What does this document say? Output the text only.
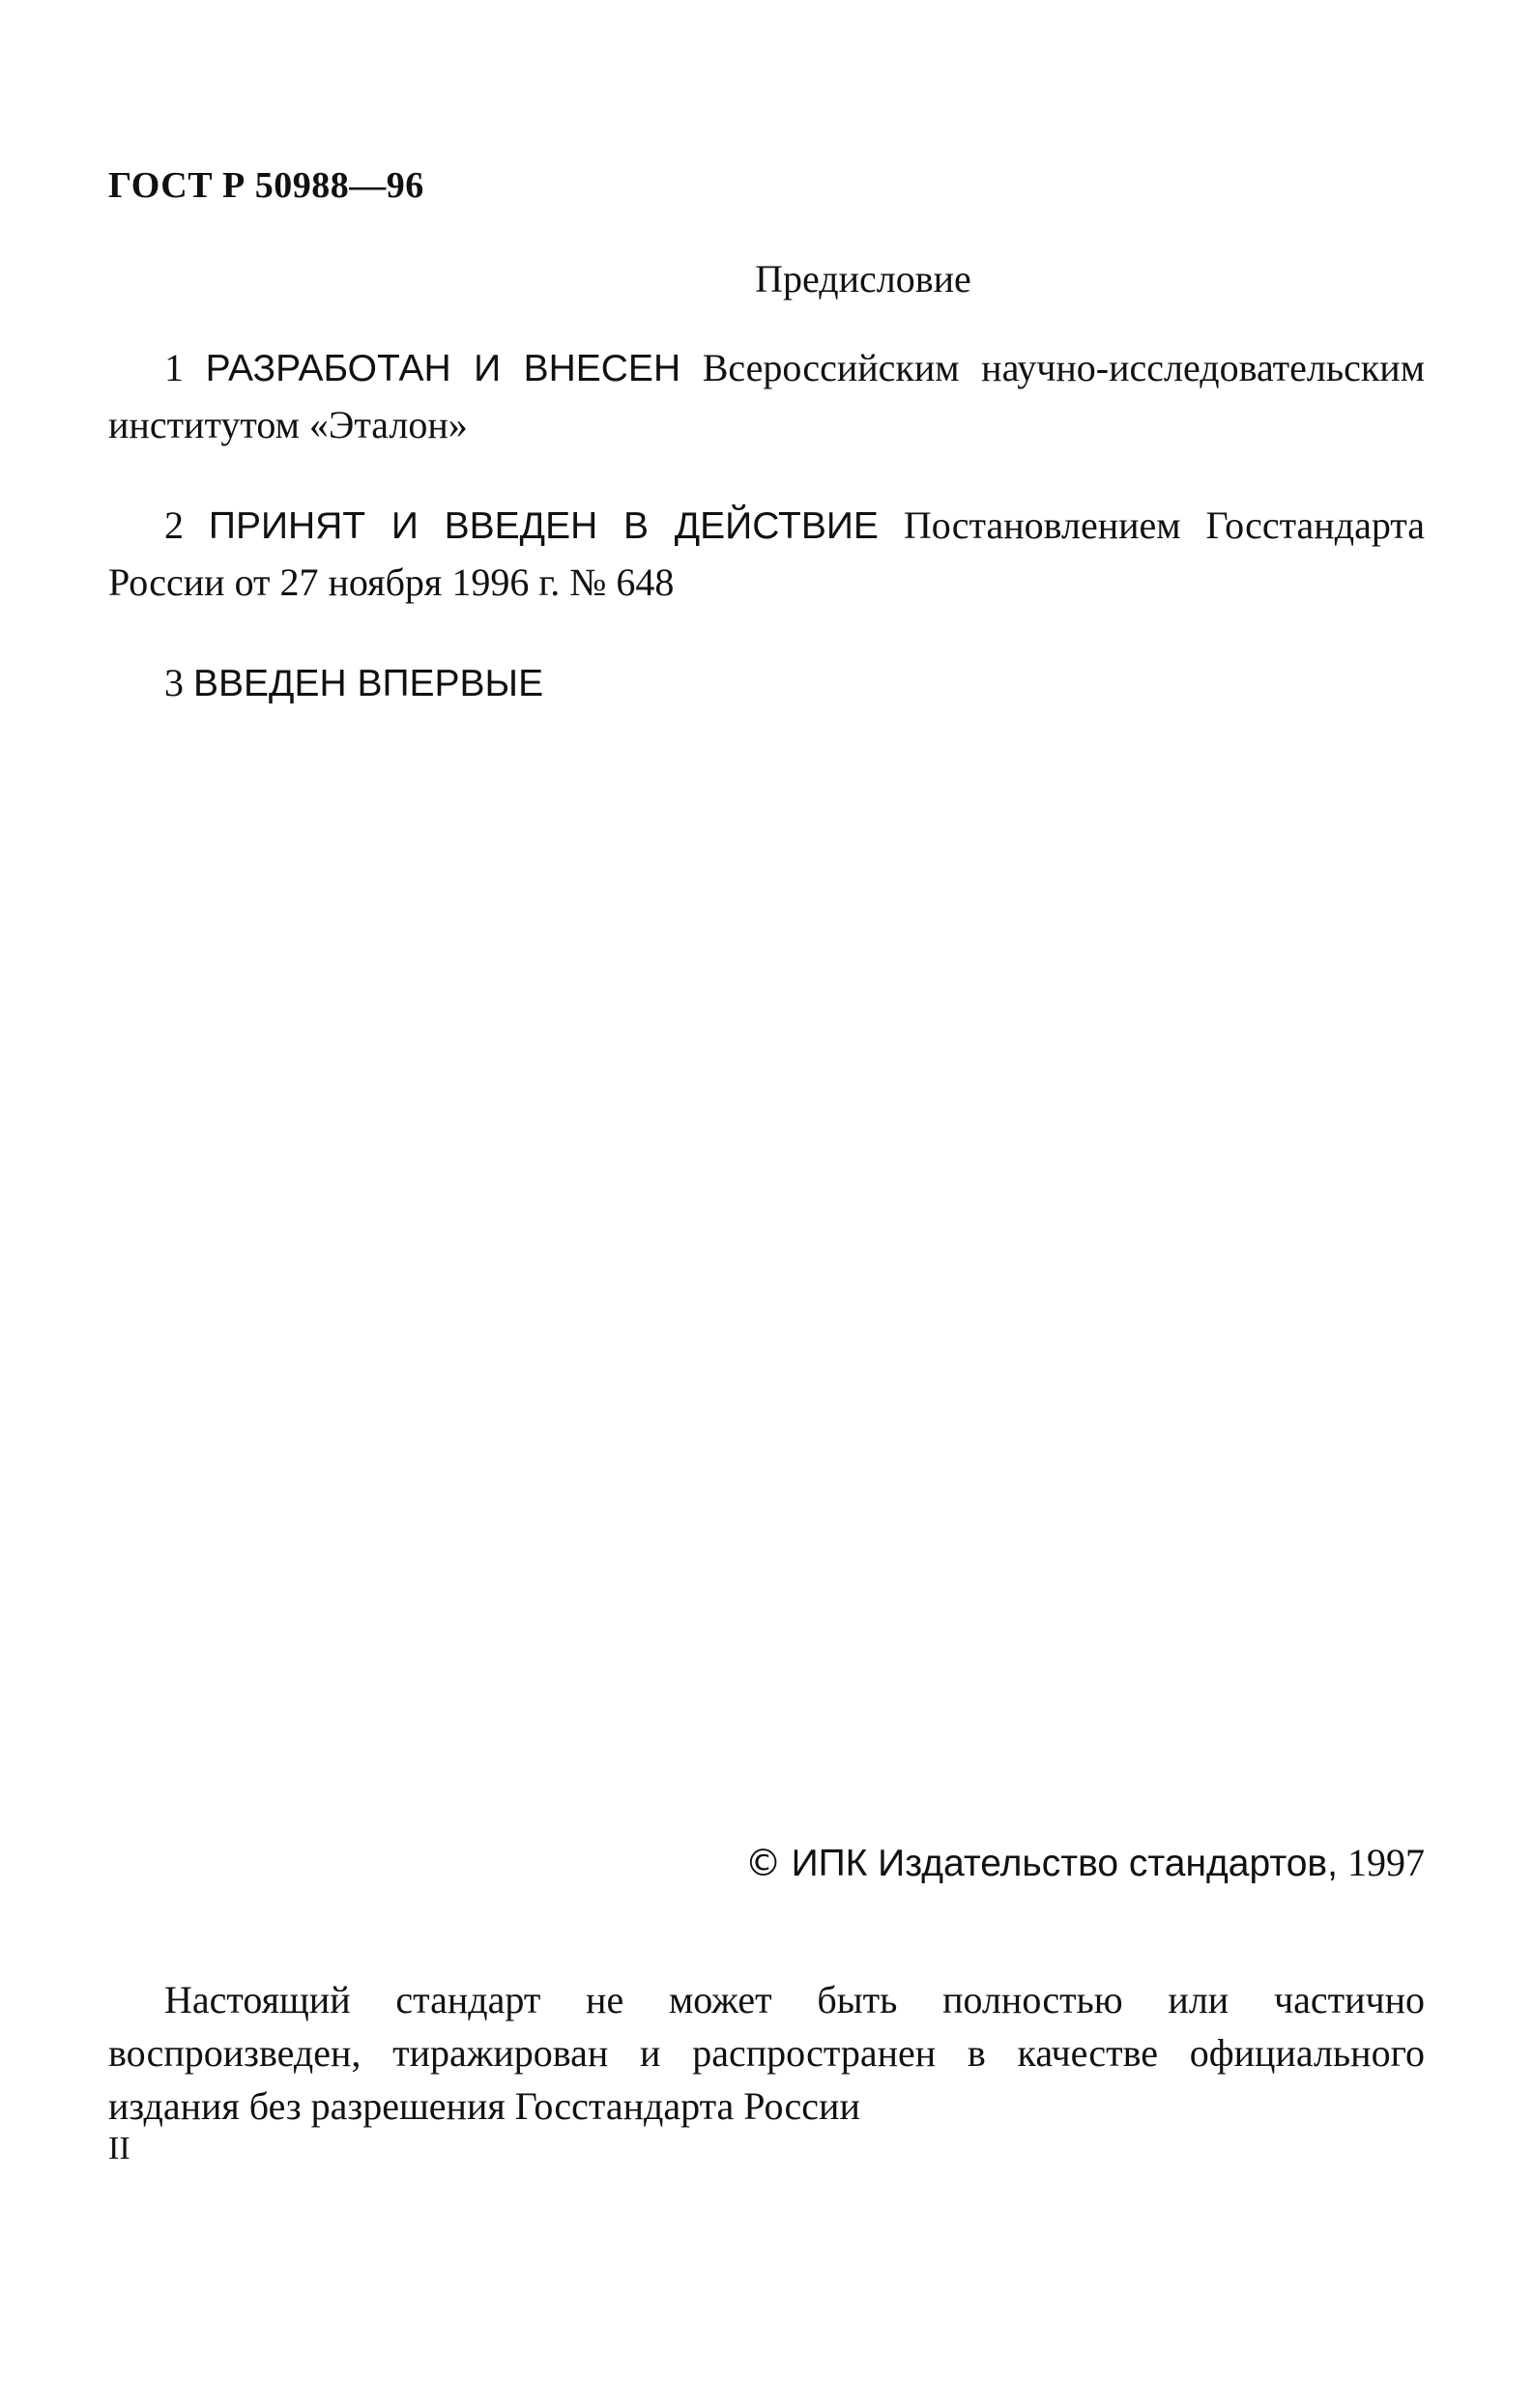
ГОСТ Р 50988—96
Предисловие

1 РАЗРАБОТАН И ВНЕСЕН Всероссийским научно-исследовательским институтом «Эталон»

2 ПРИНЯТ И ВВЕДЕН В ДЕЙСТВИЕ Постановлением Госстандарта России от 27 ноября 1996 г. № 648

3 ВВЕДЕН ВПЕРВЫЕ

© ИПК Издательство стандартов, 1997

Настоящий стандарт не может быть полностью или частично воспроизведен, тиражирован и распространен в качестве официального издания без разрешения Госстандарта России

II
